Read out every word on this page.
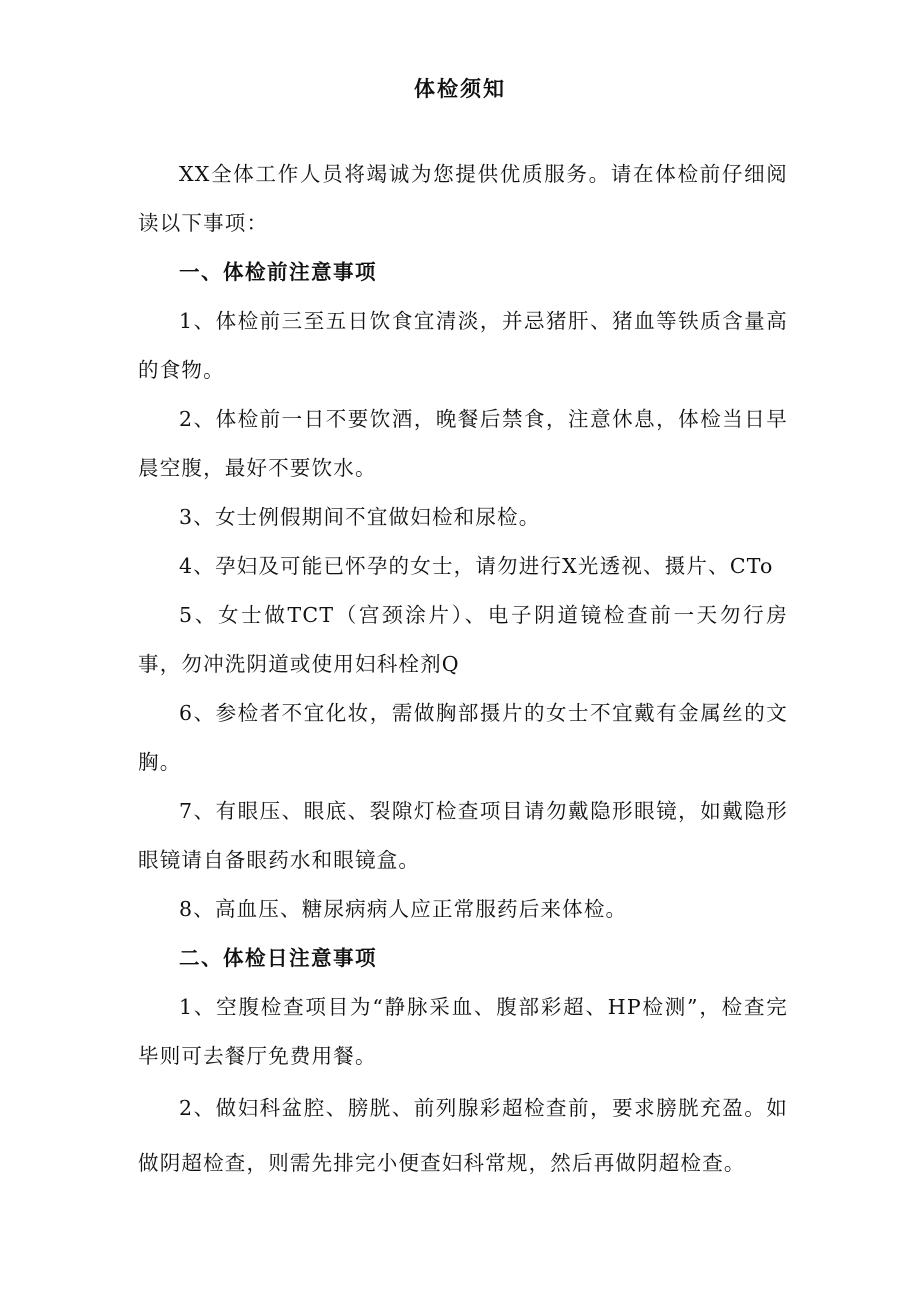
体检须知

XX全体工作人员将竭诚为您提供优质服务。请在体检前仔细阅读以下事项：

一、体检前注意事项

1、体检前三至五日饮食宜清淡，并忌猪肝、猪血等铁质含量高的食物。

2、体检前一日不要饮酒，晚餐后禁食，注意休息，体检当日早晨空腹，最好不要饮水。

3、女士例假期间不宜做妇检和尿检。

4、孕妇及可能已怀孕的女士，请勿进行X光透视、摄片、CTo

5、女士做TCT（宫颈涂片）、电子阴道镜检查前一天勿行房事，勿冲洗阴道或使用妇科栓剂Q

6、参检者不宜化妆，需做胸部摄片的女士不宜戴有金属丝的文胸。

7、有眼压、眼底、裂隙灯检查项目请勿戴隐形眼镜，如戴隐形眼镜请自备眼药水和眼镜盒。

8、高血压、糖尿病病人应正常服药后来体检。

二、体检日注意事项

1、空腹检查项目为“静脉采血、腹部彩超、HP检测”，检查完毕则可去餐厅免费用餐。

2、做妇科盆腔、膀胱、前列腺彩超检查前，要求膀胱充盈。如做阴超检查，则需先排完小便查妇科常规，然后再做阴超检查。
